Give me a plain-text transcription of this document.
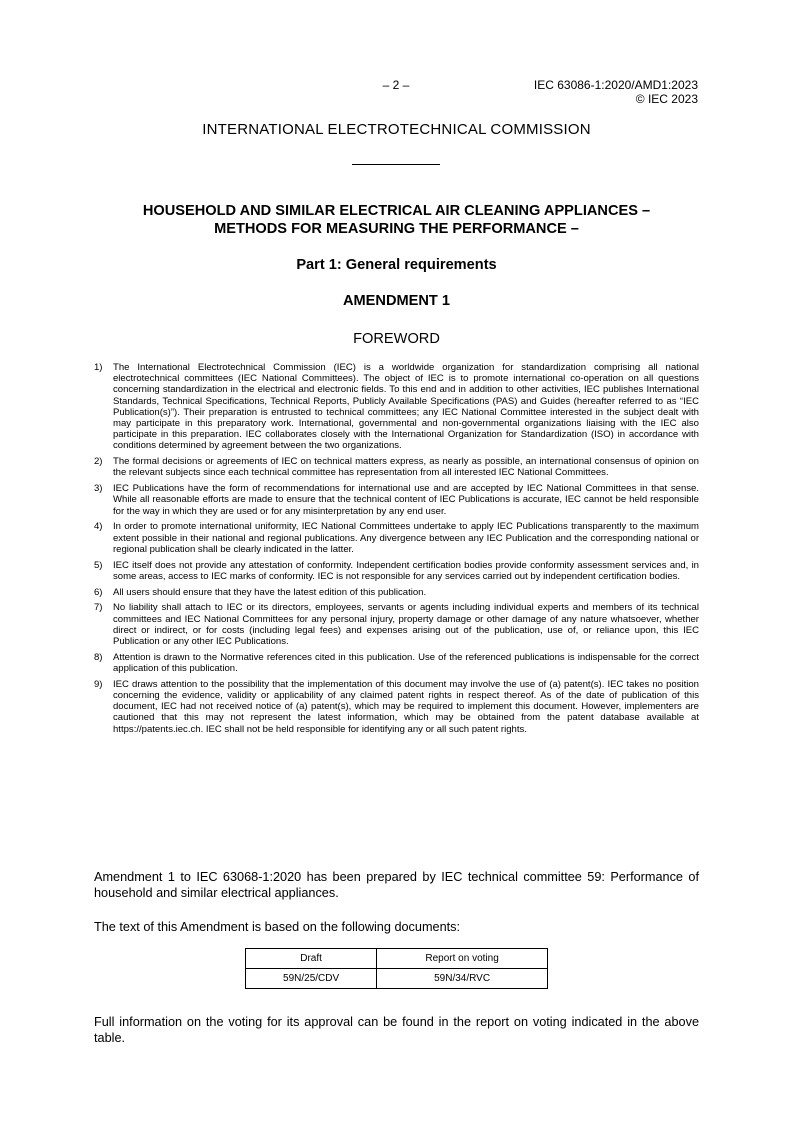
– 2 –	IEC 63086-1:2020/AMD1:2023
© IEC 2023
INTERNATIONAL ELECTROTECHNICAL COMMISSION
HOUSEHOLD AND SIMILAR ELECTRICAL AIR CLEANING APPLIANCES –
METHODS FOR MEASURING THE PERFORMANCE –
Part 1: General requirements
AMENDMENT 1
FOREWORD
1) The International Electrotechnical Commission (IEC) is a worldwide organization for standardization comprising all national electrotechnical committees (IEC National Committees). The object of IEC is to promote international co-operation on all questions concerning standardization in the electrical and electronic fields. To this end and in addition to other activities, IEC publishes International Standards, Technical Specifications, Technical Reports, Publicly Available Specifications (PAS) and Guides (hereafter referred to as “IEC Publication(s)”). Their preparation is entrusted to technical committees; any IEC National Committee interested in the subject dealt with may participate in this preparatory work. International, governmental and non-governmental organizations liaising with the IEC also participate in this preparation. IEC collaborates closely with the International Organization for Standardization (ISO) in accordance with conditions determined by agreement between the two organizations.
2) The formal decisions or agreements of IEC on technical matters express, as nearly as possible, an international consensus of opinion on the relevant subjects since each technical committee has representation from all interested IEC National Committees.
3) IEC Publications have the form of recommendations for international use and are accepted by IEC National Committees in that sense. While all reasonable efforts are made to ensure that the technical content of IEC Publications is accurate, IEC cannot be held responsible for the way in which they are used or for any misinterpretation by any end user.
4) In order to promote international uniformity, IEC National Committees undertake to apply IEC Publications transparently to the maximum extent possible in their national and regional publications. Any divergence between any IEC Publication and the corresponding national or regional publication shall be clearly indicated in the latter.
5) IEC itself does not provide any attestation of conformity. Independent certification bodies provide conformity assessment services and, in some areas, access to IEC marks of conformity. IEC is not responsible for any services carried out by independent certification bodies.
6) All users should ensure that they have the latest edition of this publication.
7) No liability shall attach to IEC or its directors, employees, servants or agents including individual experts and members of its technical committees and IEC National Committees for any personal injury, property damage or other damage of any nature whatsoever, whether direct or indirect, or for costs (including legal fees) and expenses arising out of the publication, use of, or reliance upon, this IEC Publication or any other IEC Publications.
8) Attention is drawn to the Normative references cited in this publication. Use of the referenced publications is indispensable for the correct application of this publication.
9) IEC draws attention to the possibility that the implementation of this document may involve the use of (a) patent(s). IEC takes no position concerning the evidence, validity or applicability of any claimed patent rights in respect thereof. As of the date of publication of this document, IEC had not received notice of (a) patent(s), which may be required to implement this document. However, implementers are cautioned that this may not represent the latest information, which may be obtained from the patent database available at https://patents.iec.ch. IEC shall not be held responsible for identifying any or all such patent rights.

Amendment 1 to IEC 63068-1:2020 has been prepared by IEC technical committee 59: Performance of household and similar electrical appliances.

The text of this Amendment is based on the following documents:

Draft	Report on voting
59N/25/CDV	59N/34/RVC

Full information on the voting for its approval can be found in the report on voting indicated in the above table.
